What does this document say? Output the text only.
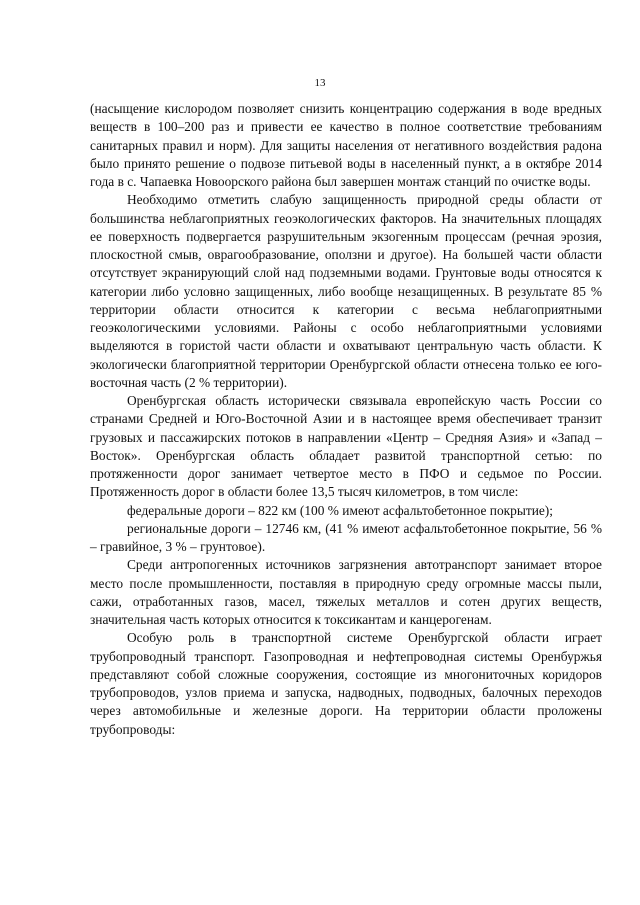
13

(насыщение кислородом позволяет снизить концентрацию содержания в воде вредных веществ в 100–200 раз и привести ее качество в полное соответствие требованиям санитарных правил и норм). Для защиты населения от негативного воздействия радона было принято решение о подвозе питьевой воды в населенный пункт, а в октябре 2014 года в с. Чапаевка Новоорского района был завершен монтаж станций по очистке воды.

Необходимо отметить слабую защищенность природной среды области от большинства неблагоприятных геоэкологических факторов. На значительных площадях ее поверхность подвергается разрушительным экзогенным процессам (речная эрозия, плоскостной смыв, оврагообразование, оползни и другое). На большей части области отсутствует экранирующий слой над подземными водами. Грунтовые воды относятся к категории либо условно защищенных, либо вообще незащищенных. В результате 85 % территории области относится к категории с весьма неблагоприятными геоэкологическими условиями. Районы с особо неблагоприятными условиями выделяются в гористой части области и охватывают центральную часть области. К экологически благоприятной территории Оренбургской области отнесена только ее юго-восточная часть (2 % территории).

Оренбургская область исторически связывала европейскую часть России со странами Средней и Юго-Восточной Азии и в настоящее время обеспечивает транзит грузовых и пассажирских потоков в направлении «Центр – Средняя Азия» и «Запад – Восток». Оренбургская область обладает развитой транспортной сетью: по протяженности дорог занимает четвертое место в ПФО и седьмое по России. Протяженность дорог в области более 13,5 тысяч километров, в том числе:

федеральные дороги – 822 км (100 % имеют асфальтобетонное покрытие);

региональные дороги – 12746 км, (41 % имеют асфальтобетонное покрытие, 56 % – гравийное, 3 % – грунтовое).

Среди антропогенных источников загрязнения автотранспорт занимает второе место после промышленности, поставляя в природную среду огромные массы пыли, сажи, отработанных газов, масел, тяжелых металлов и сотен других веществ, значительная часть которых относится к токсикантам и канцерогенам.

Особую роль в транспортной системе Оренбургской области играет трубопроводный транспорт. Газопроводная и нефтепроводная системы Оренбуржья представляют собой сложные сооружения, состоящие из многониточных коридоров трубопроводов, узлов приема и запуска, надводных, подводных, балочных переходов через автомобильные и железные дороги. На территории области проложены трубопроводы:
